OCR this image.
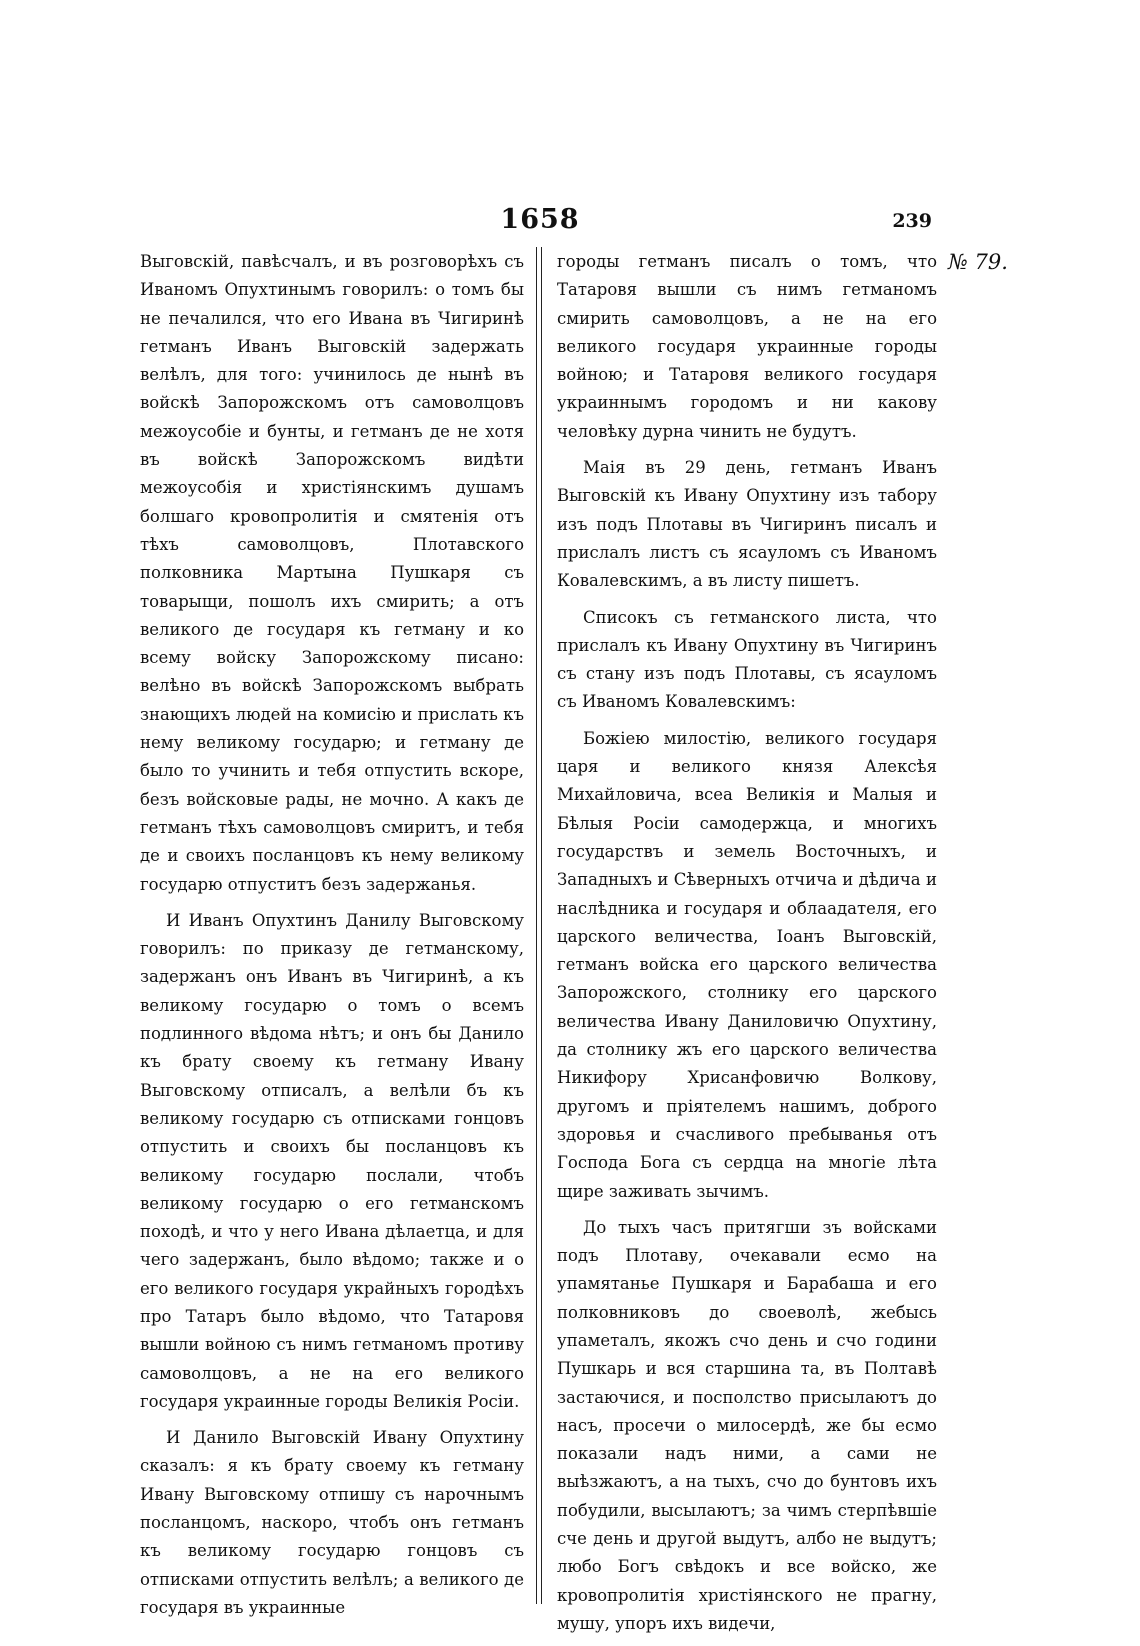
1658	239
№ 79.

Выговскій, павѣсчалъ, и въ розговорѣхъ съ Иваномъ Опухтинымъ говорилъ: о томъ бы не печалился, что его Ивана въ Чигиринѣ гетманъ Иванъ Выговскій задержать велѣлъ, для того: учинилось де нынѣ въ войскѣ Запорожскомъ отъ самоволцовъ межоусобіе и бунты, и гетманъ де не хотя въ войскѣ Запорожскомъ видѣти межоусобія и христіянскимъ душамъ болшаго кровопролитія и смятенія отъ тѣхъ самоволцовъ, Плотавского полковника Мартына Пушкаря съ товарыщи, пошолъ ихъ смирить; а отъ великого де государя къ гетману и ко всему войску Запорожскому писано: велѣно въ войскѣ Запорожскомъ выбрать знающихъ людей на комисію и прислать къ нему великому государю; и гетману де было то учинить и тебя отпустить вскоре, безъ войсковые рады, не мочно. А какъ де гетманъ тѣхъ самоволцовъ смиритъ, и тебя де и своихъ посланцовъ къ нему великому государю отпуститъ безъ задержанья.

И Иванъ Опухтинъ Данилу Выговскому говорилъ: по приказу де гетманскому, задержанъ онъ Иванъ въ Чигиринѣ, а къ великому государю о томъ о всемъ подлинного вѣдома нѣтъ; и онъ бы Данило къ брату своему къ гетману Ивану Выговскому отписалъ, а велѣли бъ къ великому государю съ отписками гонцовъ отпустить и своихъ бы посланцовъ къ великому государю послали, чтобъ великому государю о его гетманскомъ походѣ, и что у него Ивана дѣлаетца, и для чего задержанъ, было вѣдомо; также и о его великого государя украйныхъ городѣхъ про Татаръ было вѣдомо, что Татаровя вышли войною съ нимъ гетманомъ противу самоволцовъ, а не на его великого государя украинные городы Великія Росіи.

И Данило Выговскій Ивану Опухтину сказалъ: я къ брату своему къ гетману Ивану Выговскому отпишу съ нарочнымъ посланцомъ, наскоро, чтобъ онъ гетманъ къ великому государю гонцовъ съ отписками отпустить велѣлъ; а великого де государя въ украинные

городы гетманъ писалъ о томъ, что Татаровя вышли съ нимъ гетманомъ смирить самоволцовъ, а не на его великого государя украинные городы войною; и Татаровя великого государя украиннымъ городомъ и ни какову человѣку дурна чинить не будутъ.

Маія въ 29 день, гетманъ Иванъ Выговскій къ Ивану Опухтину изъ табору изъ подъ Плотавы въ Чигиринъ писалъ и прислалъ листъ съ ясауломъ съ Иваномъ Ковалевскимъ, а въ листу пишетъ.

Списокъ съ гетманского листа, что прислалъ къ Ивану Опухтину въ Чигиринъ съ стану изъ подъ Плотавы, съ ясауломъ съ Иваномъ Ковалевскимъ:

Божіею милостію, великого государя царя и великого князя Алексѣя Михайловича, всеа Великія и Малыя и Бѣлыя Росіи самодержца, и многихъ государствъ и земель Восточныхъ, и Западныхъ и Сѣверныхъ отчича и дѣдича и наслѣдника и государя и облаадателя, его царского величества, Іоанъ Выговскій, гетманъ войска его царского величества Запорожского, столнику его царского величества Ивану Даниловичю Опухтину, да столнику жъ его царского величества Никифору Хрисанфовичю Волкову, другомъ и пріятелемъ нашимъ, доброго здоровья и счасливого пребыванья отъ Господа Бога съ сердца на многіе лѣта щире заживать зычимъ.

До тыхъ часъ притягши зъ войсками подъ Плотаву, очекавали есмо на упамятанье Пушкаря и Барабаша и его полковниковъ до своеволѣ, жебысь упаметалъ, якожъ счо день и счо години Пушкарь и вся старшина та, въ Полтавѣ застаючися, и посполство присылаютъ до насъ, просечи о милосердѣ, же бы есмо показали надъ ними, а сами не выѣзжаютъ, а на тыхъ, счо до бунтовъ ихъ побудили, высылаютъ; за чимъ стерпѣвшіе сче день и другой выдутъ, албо не выдутъ; любо Богъ свѣдокъ и все войско, же кровопролитія христіянского не прагну, мушу, упоръ ихъ видечи,
